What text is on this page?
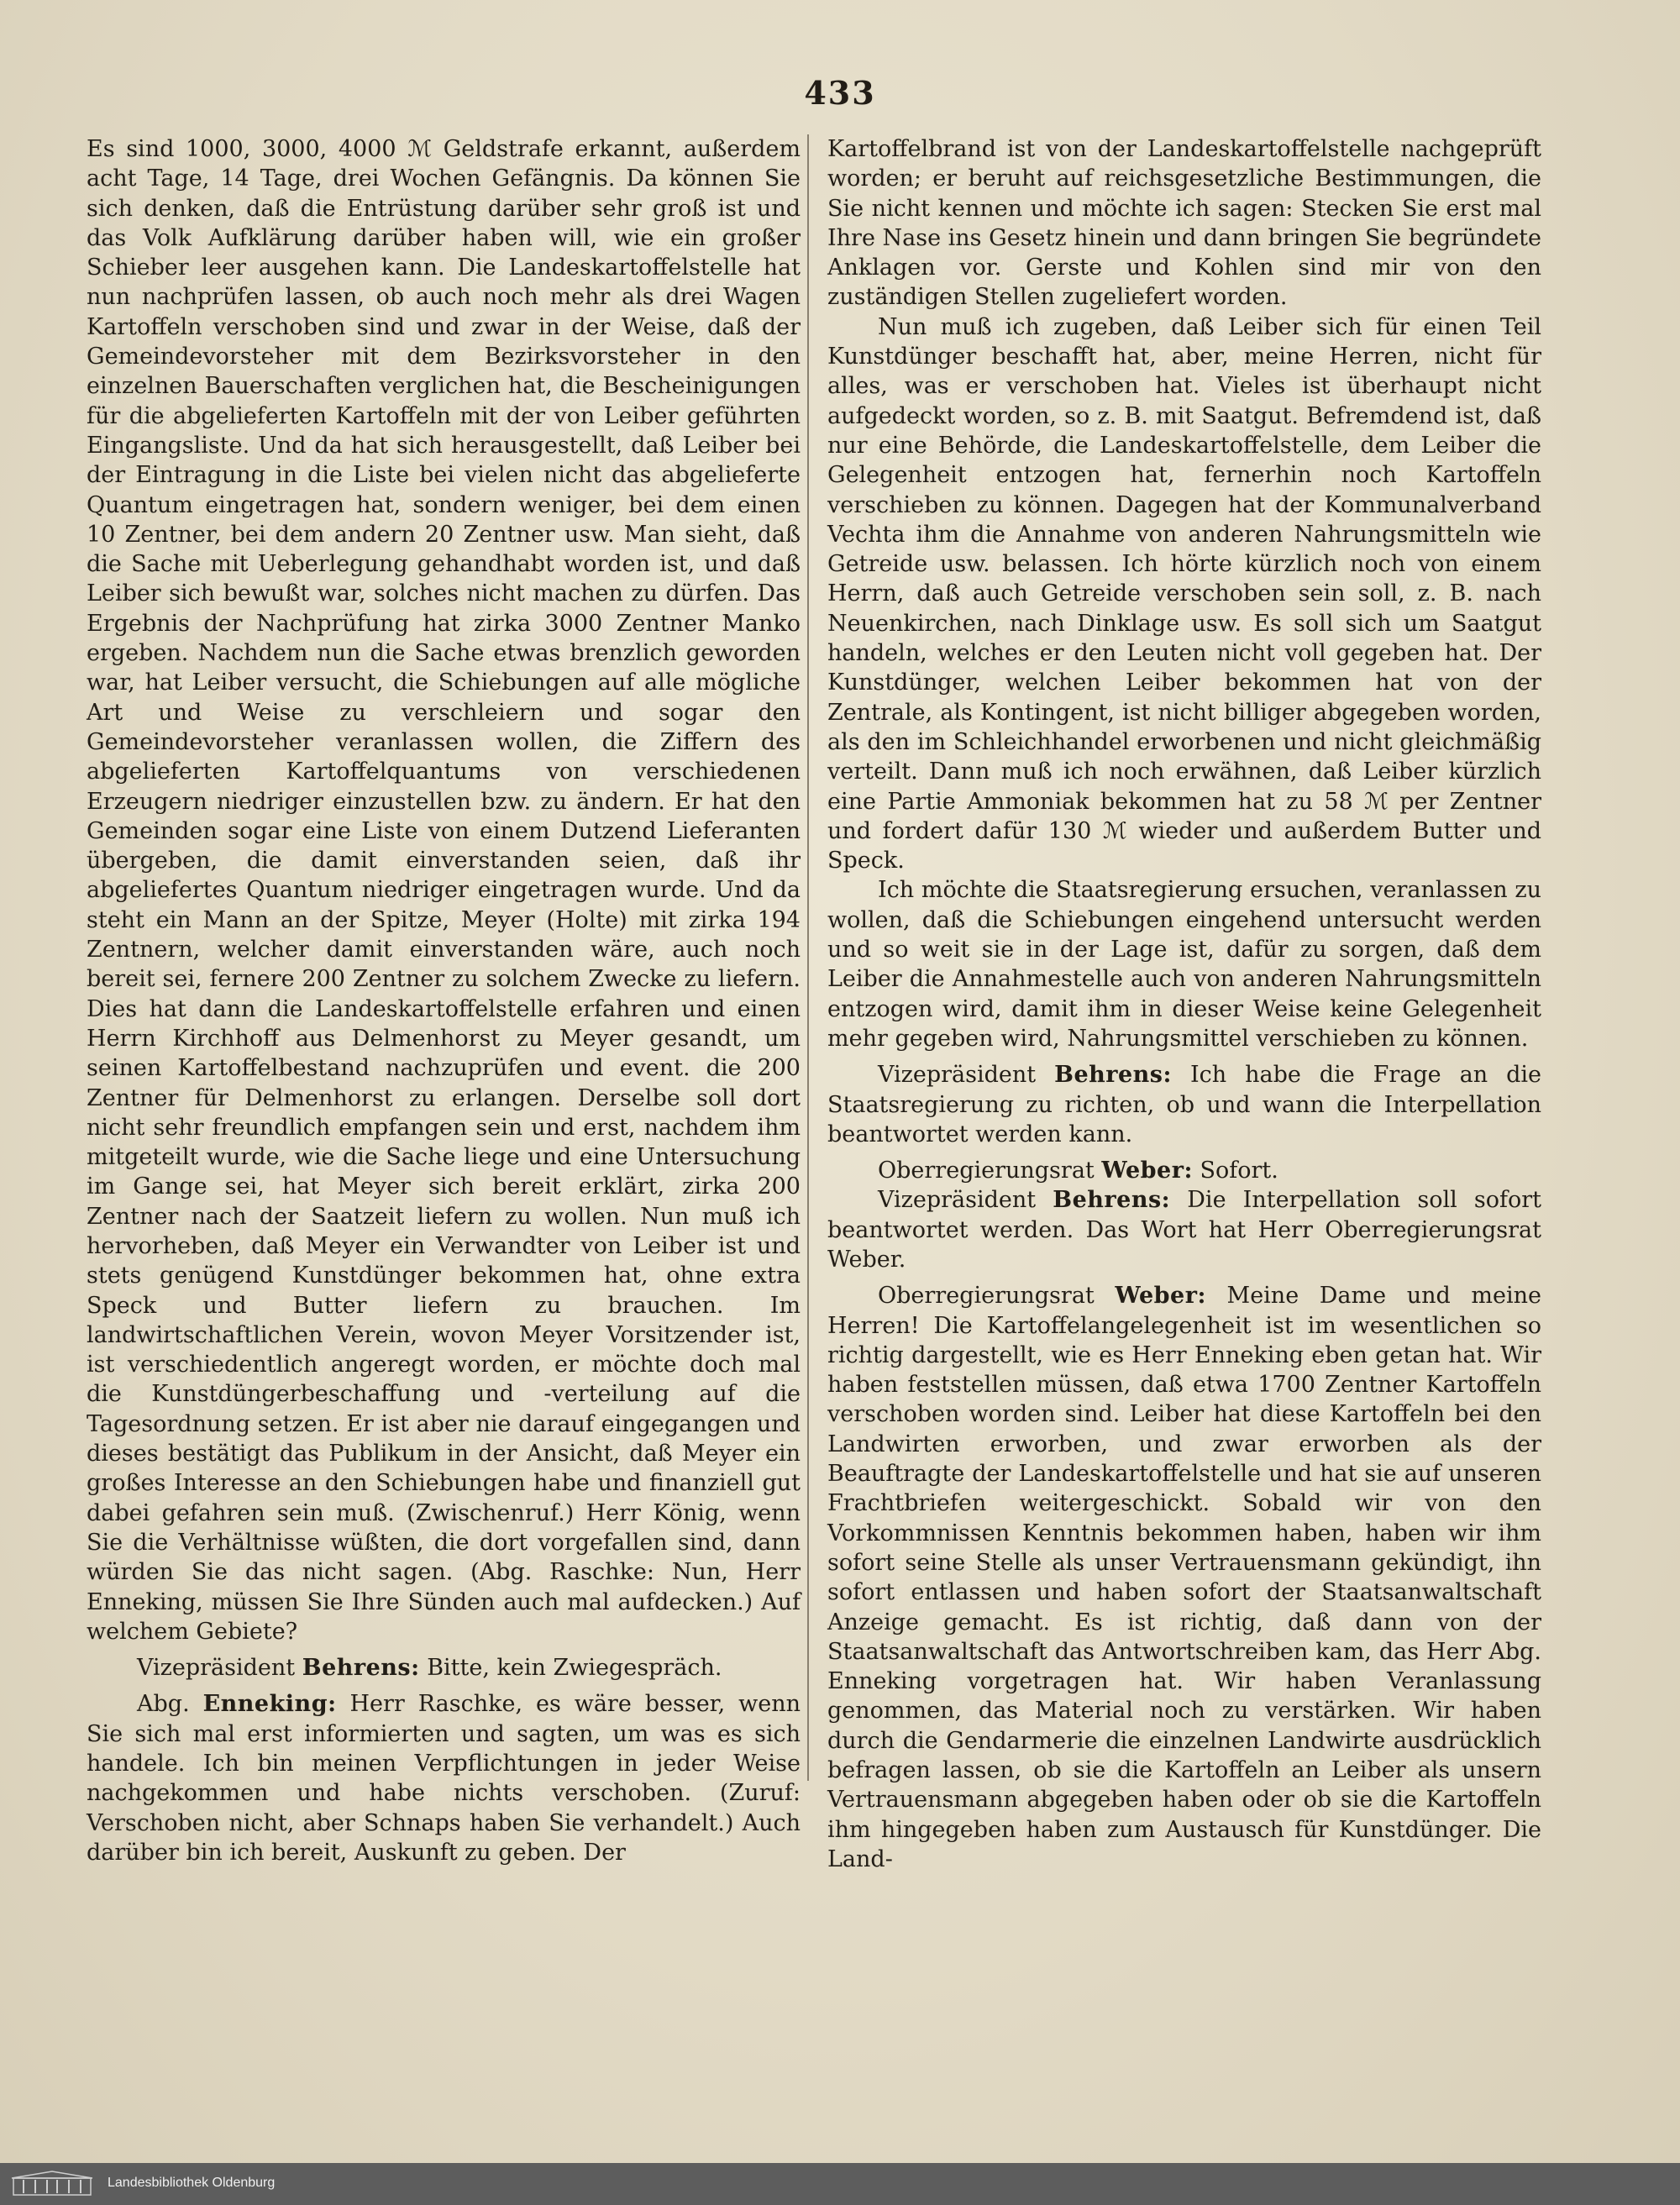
433

Es sind 1000, 3000, 4000 ℳ Geldstrafe erkannt, außerdem acht Tage, 14 Tage, drei Wochen Gefängnis. Da können Sie sich denken, daß die Entrüstung darüber sehr groß ist und das Volk Aufklärung darüber haben will, wie ein großer Schieber leer ausgehen kann. Die Landeskartoffelstelle hat nun nachprüfen lassen, ob auch noch mehr als drei Wagen Kartoffeln verschoben sind und zwar in der Weise, daß der Gemeindevorsteher mit dem Bezirksvorsteher in den einzelnen Bauerschaften verglichen hat, die Bescheinigungen für die abgelieferten Kartoffeln mit der von Leiber geführten Eingangsliste. Und da hat sich herausgestellt, daß Leiber bei der Eintragung in die Liste bei vielen nicht das abgelieferte Quantum eingetragen hat, sondern weniger, bei dem einen 10 Zentner, bei dem andern 20 Zentner usw. Man sieht, daß die Sache mit Ueberlegung gehandhabt worden ist, und daß Leiber sich bewußt war, solches nicht machen zu dürfen. Das Ergebnis der Nachprüfung hat zirka 3000 Zentner Manko ergeben. Nachdem nun die Sache etwas brenzlich geworden war, hat Leiber versucht, die Schiebungen auf alle mögliche Art und Weise zu verschleiern und sogar den Gemeindevorsteher veranlassen wollen, die Ziffern des abgelieferten Kartoffelquantums von verschiedenen Erzeugern niedriger einzustellen bzw. zu ändern. Er hat den Gemeinden sogar eine Liste von einem Dutzend Lieferanten übergeben, die damit einverstanden seien, daß ihr abgeliefertes Quantum niedriger eingetragen wurde. Und da steht ein Mann an der Spitze, Meyer (Holte) mit zirka 194 Zentnern, welcher damit einverstanden wäre, auch noch bereit sei, fernere 200 Zentner zu solchem Zwecke zu liefern. Dies hat dann die Landeskartoffelstelle erfahren und einen Herrn Kirchhoff aus Delmenhorst zu Meyer gesandt, um seinen Kartoffelbestand nachzuprüfen und event. die 200 Zentner für Delmenhorst zu erlangen. Derselbe soll dort nicht sehr freundlich empfangen sein und erst, nachdem ihm mitgeteilt wurde, wie die Sache liege und eine Untersuchung im Gange sei, hat Meyer sich bereit erklärt, zirka 200 Zentner nach der Saatzeit liefern zu wollen. Nun muß ich hervorheben, daß Meyer ein Verwandter von Leiber ist und stets genügend Kunstdünger bekommen hat, ohne extra Speck und Butter liefern zu brauchen. Im landwirtschaftlichen Verein, wovon Meyer Vorsitzender ist, ist verschiedentlich angeregt worden, er möchte doch mal die Kunstdüngerbeschaffung und -verteilung auf die Tagesordnung setzen. Er ist aber nie darauf eingegangen und dieses bestätigt das Publikum in der Ansicht, daß Meyer ein großes Interesse an den Schiebungen habe und finanziell gut dabei gefahren sein muß. (Zwischenruf.) Herr König, wenn Sie die Verhältnisse wüßten, die dort vorgefallen sind, dann würden Sie das nicht sagen. (Abg. Raschke: Nun, Herr Enneking, müssen Sie Ihre Sünden auch mal aufdecken.) Auf welchem Gebiete?

Vizepräsident Behrens: Bitte, kein Zwiegespräch.

Abg. Enneking: Herr Raschke, es wäre besser, wenn Sie sich mal erst informierten und sagten, um was es sich handele. Ich bin meinen Verpflichtungen in jeder Weise nachgekommen und habe nichts verschoben. (Zuruf: Verschoben nicht, aber Schnaps haben Sie verhandelt.) Auch darüber bin ich bereit, Auskunft zu geben. Der

Kartoffelbrand ist von der Landeskartoffelstelle nachgeprüft worden; er beruht auf reichsgesetzliche Bestimmungen, die Sie nicht kennen und möchte ich sagen: Stecken Sie erst mal Ihre Nase ins Gesetz hinein und dann bringen Sie begründete Anklagen vor. Gerste und Kohlen sind mir von den zuständigen Stellen zugeliefert worden.

Nun muß ich zugeben, daß Leiber sich für einen Teil Kunstdünger beschafft hat, aber, meine Herren, nicht für alles, was er verschoben hat. Vieles ist überhaupt nicht aufgedeckt worden, so z. B. mit Saatgut. Befremdend ist, daß nur eine Behörde, die Landeskartoffelstelle, dem Leiber die Gelegenheit entzogen hat, fernerhin noch Kartoffeln verschieben zu können. Dagegen hat der Kommunalverband Vechta ihm die Annahme von anderen Nahrungsmitteln wie Getreide usw. belassen. Ich hörte kürzlich noch von einem Herrn, daß auch Getreide verschoben sein soll, z. B. nach Neuenkirchen, nach Dinklage usw. Es soll sich um Saatgut handeln, welches er den Leuten nicht voll gegeben hat. Der Kunstdünger, welchen Leiber bekommen hat von der Zentrale, als Kontingent, ist nicht billiger abgegeben worden, als den im Schleichhandel erworbenen und nicht gleichmäßig verteilt. Dann muß ich noch erwähnen, daß Leiber kürzlich eine Partie Ammoniak bekommen hat zu 58 ℳ per Zentner und fordert dafür 130 ℳ wieder und außerdem Butter und Speck.

Ich möchte die Staatsregierung ersuchen, veranlassen zu wollen, daß die Schiebungen eingehend untersucht werden und so weit sie in der Lage ist, dafür zu sorgen, daß dem Leiber die Annahmestelle auch von anderen Nahrungsmitteln entzogen wird, damit ihm in dieser Weise keine Gelegenheit mehr gegeben wird, Nahrungsmittel verschieben zu können.

Vizepräsident Behrens: Ich habe die Frage an die Staatsregierung zu richten, ob und wann die Interpellation beantwortet werden kann.

Oberregierungsrat Weber: Sofort.

Vizepräsident Behrens: Die Interpellation soll sofort beantwortet werden. Das Wort hat Herr Oberregierungsrat Weber.

Oberregierungsrat Weber: Meine Dame und meine Herren! Die Kartoffelangelegenheit ist im wesentlichen so richtig dargestellt, wie es Herr Enneking eben getan hat. Wir haben feststellen müssen, daß etwa 1700 Zentner Kartoffeln verschoben worden sind. Leiber hat diese Kartoffeln bei den Landwirten erworben, und zwar erworben als der Beauftragte der Landeskartoffelstelle und hat sie auf unseren Frachtbriefen weitergeschickt. Sobald wir von den Vorkommnissen Kenntnis bekommen haben, haben wir ihm sofort seine Stelle als unser Vertrauensmann gekündigt, ihn sofort entlassen und haben sofort der Staatsanwaltschaft Anzeige gemacht. Es ist richtig, daß dann von der Staatsanwaltschaft das Antwortschreiben kam, das Herr Abg. Enneking vorgetragen hat. Wir haben Veranlassung genommen, das Material noch zu verstärken. Wir haben durch die Gendarmerie die einzelnen Landwirte ausdrücklich befragen lassen, ob sie die Kartoffeln an Leiber als unsern Vertrauensmann abgegeben haben oder ob sie die Kartoffeln ihm hingegeben haben zum Austausch für Kunstdünger. Die Land-

Landesbibliothek Oldenburg
